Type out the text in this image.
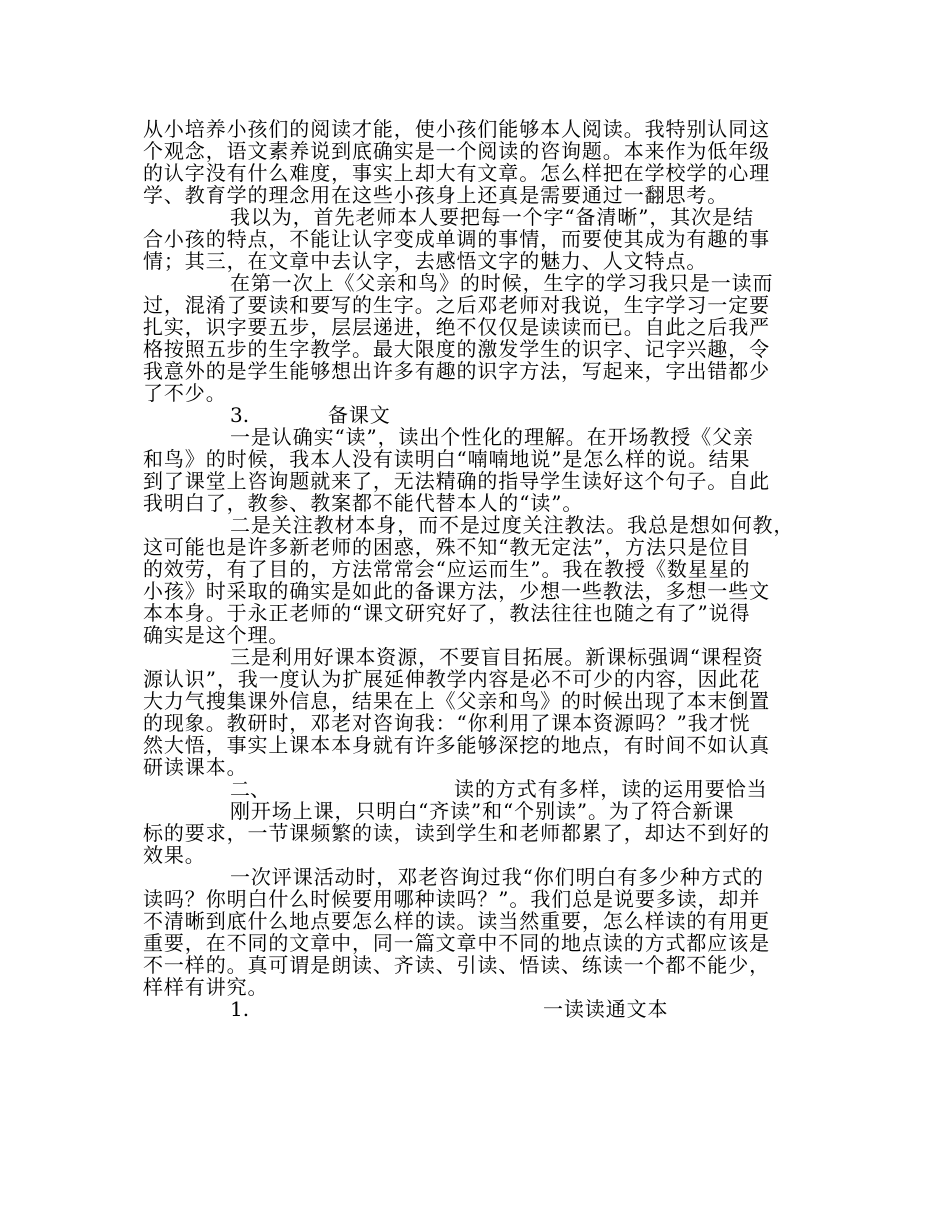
从小培养小孩们的阅读才能，使小孩们能够本人阅读。我特别认同这
个观念，语文素养说到底确实是一个阅读的咨询题。本来作为低年级
的认字没有什么难度，事实上却大有文章。怎么样把在学校学的心理
学、教育学的理念用在这些小孩身上还真是需要通过一翻思考。
我以为，首先老师本人要把每一个字“备清晰”，其次是结
合小孩的特点，不能让认字变成单调的事情，而要使其成为有趣的事
情；其三，在文章中去认字，去感悟文字的魅力、人文特点。
在第一次上《父亲和鸟》的时候，生字的学习我只是一读而
过，混淆了要读和要写的生字。之后邓老师对我说，生字学习一定要
扎实，识字要五步，层层递进，绝不仅仅是读读而已。自此之后我严
格按照五步的生字教学。最大限度的激发学生的识字、记字兴趣，令
我意外的是学生能够想出许多有趣的识字方法，写起来，字出错都少
了不少。
3.	备课文
一是认确实“读”，读出个性化的理解。在开场教授《父亲
和鸟》的时候，我本人没有读明白“喃喃地说”是怎么样的说。结果
到了课堂上咨询题就来了，无法精确的指导学生读好这个句子。自此
我明白了，教参、教案都不能代替本人的“读”。
二是关注教材本身，而不是过度关注教法。我总是想如何教，
这可能也是许多新老师的困惑，殊不知“教无定法”，方法只是位目
的效劳，有了目的，方法常常会“应运而生”。我在教授《数星星的
小孩》时采取的确实是如此的备课方法，少想一些教法，多想一些文
本本身。于永正老师的“课文研究好了，教法往往也随之有了”说得
确实是这个理。
三是利用好课本资源，不要盲目拓展。新课标强调“课程资
源认识”，我一度认为扩展延伸教学内容是必不可少的内容，因此花
大力气搜集课外信息，结果在上《父亲和鸟》的时候出现了本末倒置
的现象。教研时，邓老对咨询我：“你利用了课本资源吗？”我才恍
然大悟，事实上课本本身就有许多能够深挖的地点，有时间不如认真
研读课本。
二、	读的方式有多样，读的运用要恰当
刚开场上课，只明白“齐读”和“个别读”。为了符合新课
标的要求，一节课频繁的读，读到学生和老师都累了，却达不到好的
效果。
一次评课活动时，邓老咨询过我“你们明白有多少种方式的
读吗？你明白什么时候要用哪种读吗？”。我们总是说要多读，却并
不清晰到底什么地点要怎么样的读。读当然重要，怎么样读的有用更
重要，在不同的文章中，同一篇文章中不同的地点读的方式都应该是
不一样的。真可谓是朗读、齐读、引读、悟读、练读一个都不能少，
样样有讲究。
1.	一读读通文本
